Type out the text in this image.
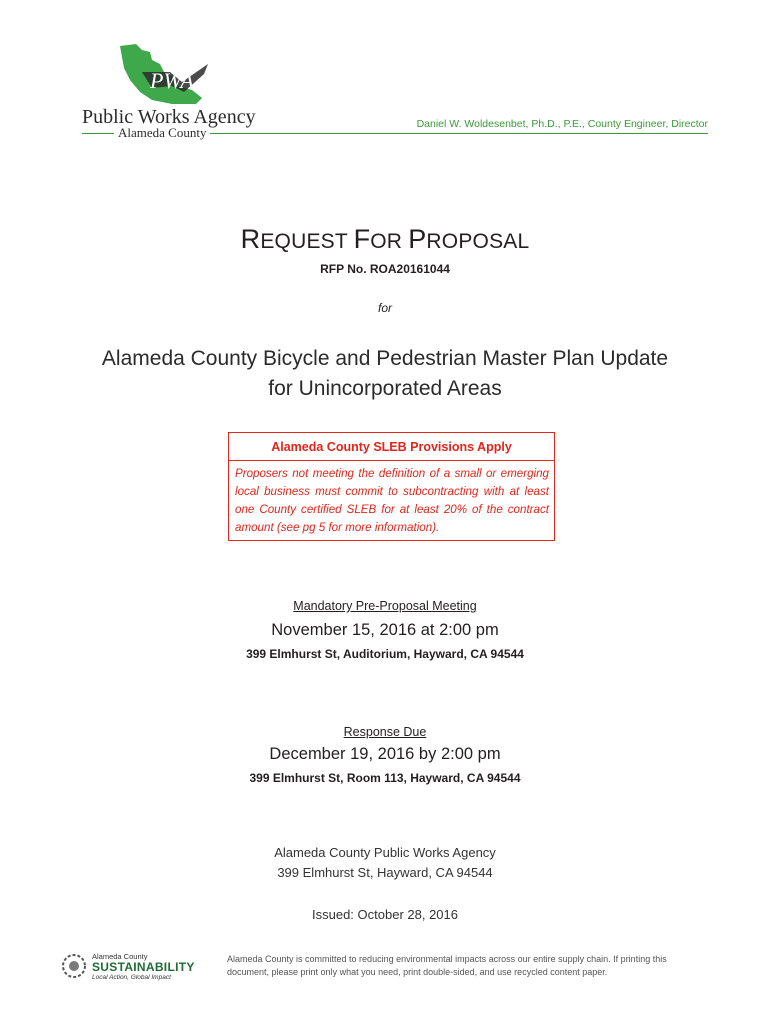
PWA
Public Works Agency
Alameda County
Daniel W. Woldesenbet, Ph.D., P.E., County Engineer, Director
REQUEST FOR PROPOSAL
RFP No. ROA20161044
for
Alameda County Bicycle and Pedestrian Master Plan Update
for Unincorporated Areas
Alameda County SLEB Provisions Apply
Proposers not meeting the definition of a small or emerging local business must commit to subcontracting with at least one County certified SLEB for at least 20% of the contract amount (see pg 5 for more information).
Mandatory Pre-Proposal Meeting
November 15, 2016 at 2:00 pm
399 Elmhurst St, Auditorium, Hayward, CA 94544
Response Due
December 19, 2016 by 2:00 pm
399 Elmhurst St, Room 113, Hayward, CA 94544
Alameda County Public Works Agency
399 Elmhurst St, Hayward, CA 94544
Issued: October 28, 2016
Alameda County
SUSTAINABILITY
Local Action, Global Impact
Alameda County is committed to reducing environmental impacts across our entire supply chain. If printing this document, please print only what you need, print double-sided, and use recycled content paper.
